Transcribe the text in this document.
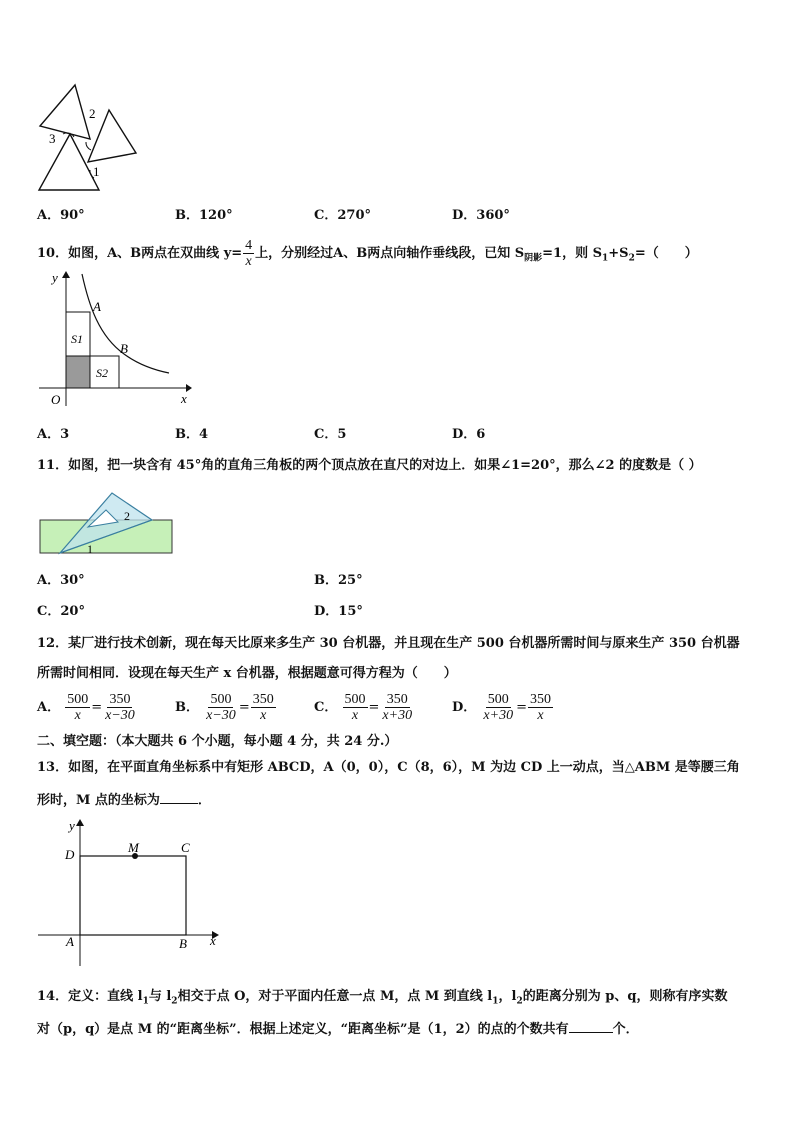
2
3
1
A．90°	B．120°	C．270°	D．360°
10．如图，A、B两点在双曲线 $y= \frac{4}{x}$ 上，分别经过A、B两点向轴作垂线段，已知 $S_{阴影}=1$，则 $S_1+S_2=$（　　）
y
x
O
A
B
S1
S2
A．3	B．4	C．5	D．6
11．如图，把一块含有 45°角的直角三角板的两个顶点放在直尺的对边上．如果∠1=20°，那么∠2 的度数是（ ）
2
1
A．30°	B．25°
C．20°	D．15°
12．某厂进行技术创新，现在每天比原来多生产 30 台机器，并且现在生产 500 台机器所需时间与原来生产 350 台机器
所需时间相同．设现在每天生产 x 台机器，根据题意可得方程为（　　）
A． $\frac{500}{x} = \frac{350}{x-30}$	B． $\frac{500}{x-30} = \frac{350}{x}$	C． $\frac{500}{x} = \frac{350}{x+30}$	D． $\frac{500}{x+30} = \frac{350}{x}$
二、填空题：（本大题共 6 个小题，每小题 4 分，共 24 分.）
13．如图，在平面直角坐标系中有矩形 ABCD，A（0，0），C（8，6），M 为边 CD 上一动点，当△ABM 是等腰三角
形时，M 点的坐标为	．
y
x
A	B
C
D	M
14．定义：直线 $l_1$与 $l_2$相交于点 O，对于平面内任意一点 M，点 M 到直线 $l_1$，$l_2$的距离分别为 p、q，则称有序实数
对（p，q）是点 M 的“距离坐标”．根据上述定义，“距离坐标”是（1，2）的点的个数共有	个．
